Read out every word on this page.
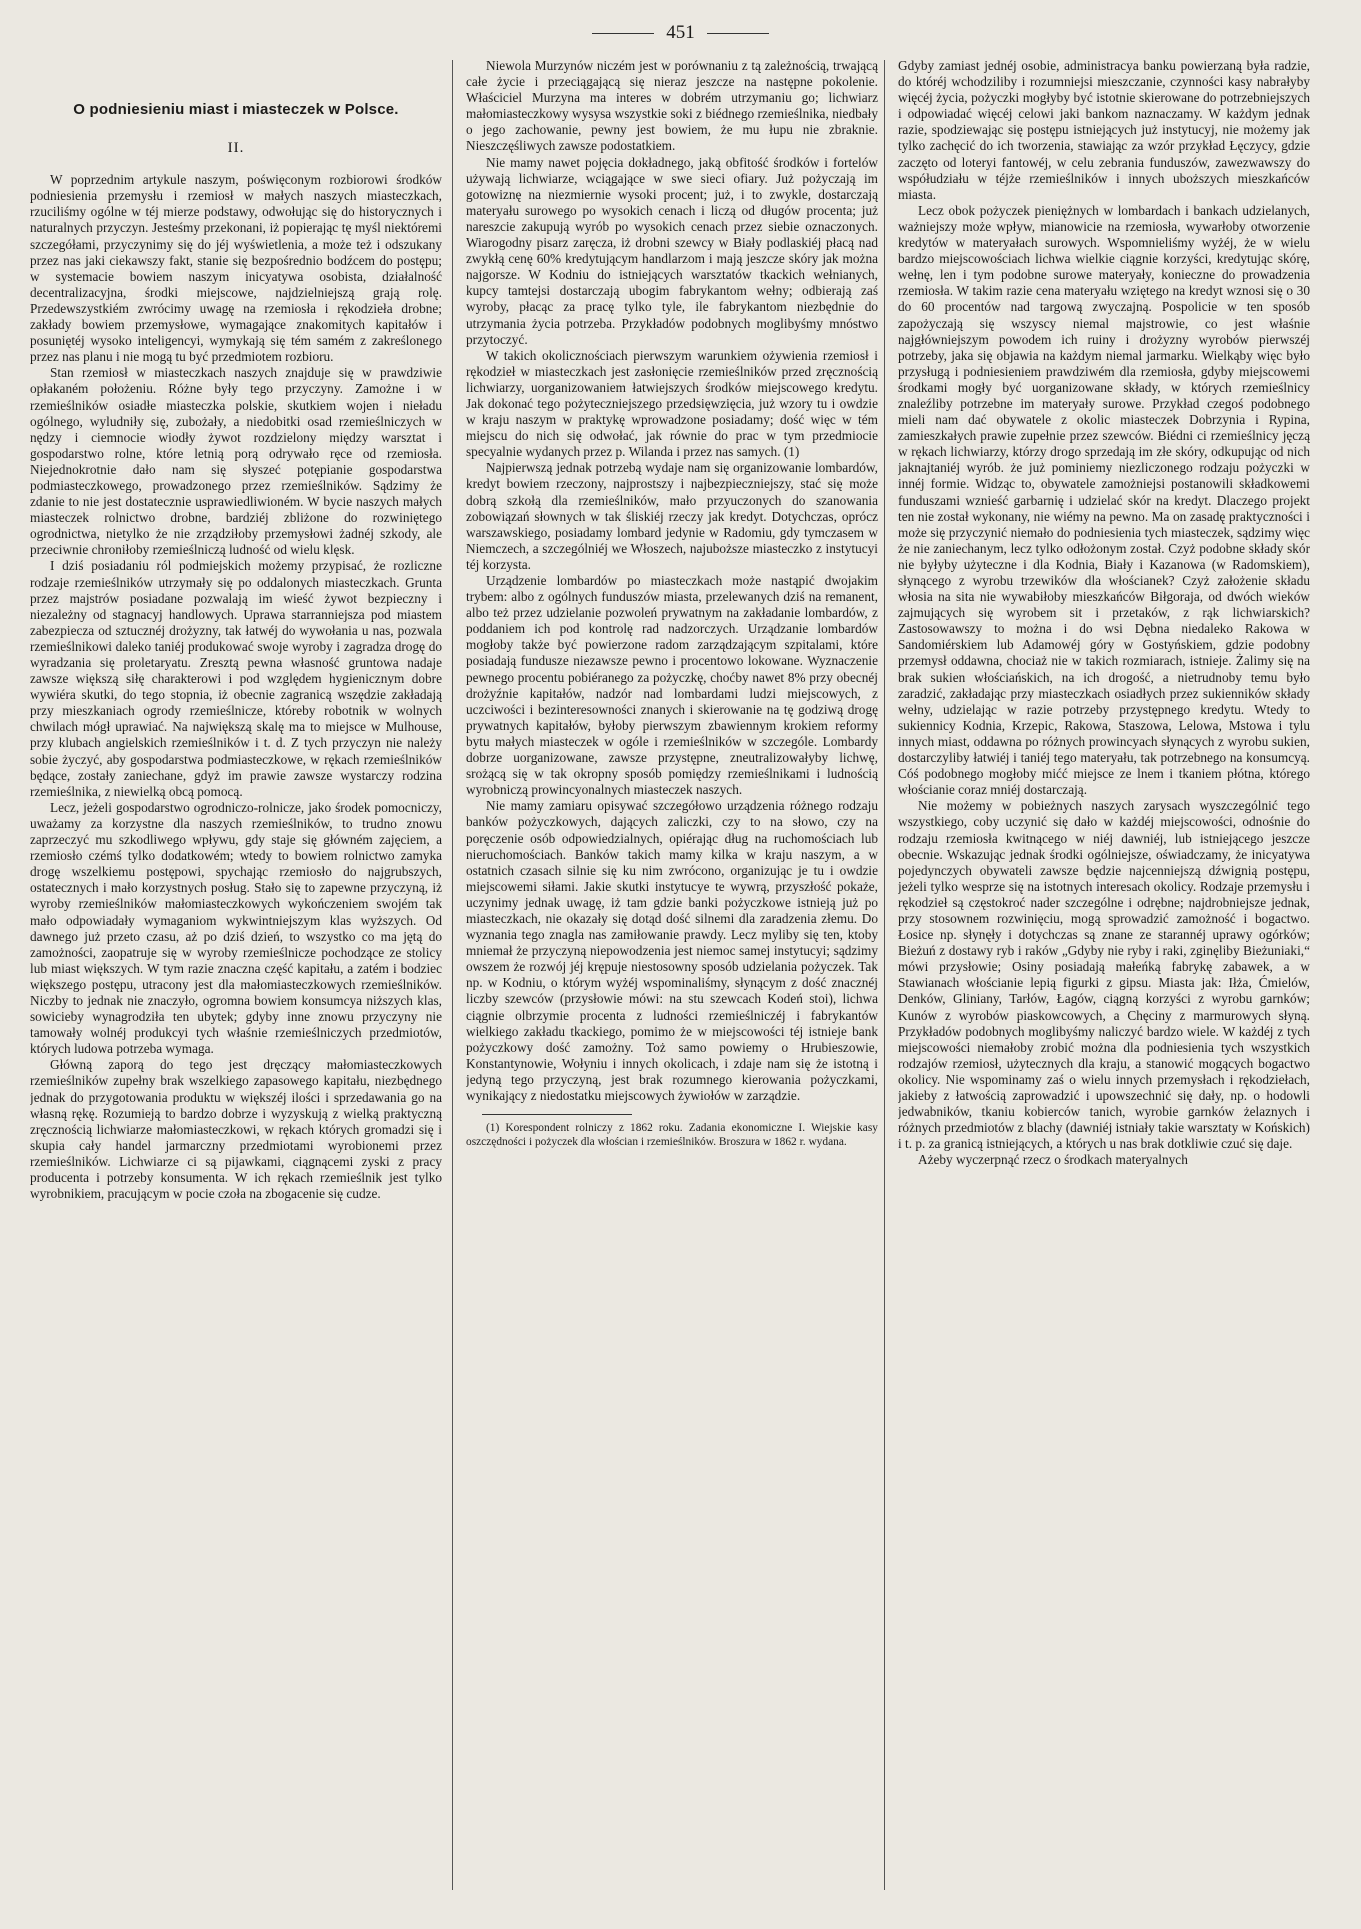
451
O podniesieniu miast i miasteczek w Polsce.
II.

W poprzednim artykule naszym, poświęconym rozbiorowi środków podniesienia przemysłu i rzemiosł w małych naszych miasteczkach, rzuciliśmy ogólne w téj mierze podstawy, odwołując się do historycznych i naturalnych przyczyn. Jesteśmy przekonani, iż popierając tę myśl niektóremi szczegółami, przyczynimy się do jéj wyświetlenia, a może też i odszukany przez nas jaki ciekawszy fakt, stanie się bezpośrednio bodźcem do postępu; w systemacie bowiem naszym inicyatywa osobista, działalność decentralizacyjna, środki miejscowe, najdzielniejszą grają rolę. Przedewszystkiém zwrócimy uwagę na rzemiosła i rękodzieła drobne; zakłady bowiem przemysłowe, wymagające znakomitych kapitałów i posuniętéj wysoko inteligencyi, wymykają się tém samém z zakreślonego przez nas planu i nie mogą tu być przedmiotem rozbioru.

Stan rzemiosł w miasteczkach naszych znajduje się w prawdziwie opłakaném położeniu. Różne były tego przyczyny. Zamożne i w rzemieślników osiadłe miasteczka polskie, skutkiem wojen i nieładu ogólnego, wyludniły się, zubożały, a niedobitki osad rzemieślniczych w nędzy i ciemnocie wiodły żywot rozdzielony między warsztat i gospodarstwo rolne, które letnią porą odrywało ręce od rzemiosła. Niejednokrotnie dało nam się słyszeć potępianie gospodarstwa podmiasteczkowego, prowadzonego przez rzemieślników. Sądzimy że zdanie to nie jest dostatecznie usprawiedliwioném. W bycie naszych małych miasteczek rolnictwo drobne, bardziéj zbliżone do rozwiniętego ogrodnictwa, nietylko że nie zrządziłoby przemysłowi żadnéj szkody, ale przeciwnie chroniłoby rzemieślniczą ludność od wielu klęsk.

I dziś posiadaniu ról podmiejskich możemy przypisać, że rozliczne rodzaje rzemieślników utrzymały się po oddalonych miasteczkach. Grunta przez majstrów posiadane pozwalają im wieść żywot bezpieczny i niezależny od stagnacyj handlowych. Uprawa starranniejsza pod miastem zabezpiecza od sztucznéj drożyzny, tak łatwéj do wywołania u nas, pozwala rzemieślnikowi daleko taniéj produkować swoje wyroby i zagradza drogę do wyradzania się proletaryatu. Zresztą pewna własność gruntowa nadaje zawsze większą siłę charakterowi i pod względem hygienicznym dobre wywiéra skutki, do tego stopnia, iż obecnie zagranicą wszędzie zakładają przy mieszkaniach ogrody rzemieślnicze, któreby robotnik w wolnych chwilach mógł uprawiać. Na największą skalę ma to miejsce w Mulhouse, przy klubach angielskich rzemieślników i t. d. Z tych przyczyn nie należy sobie życzyć, aby gospodarstwa podmiasteczkowe, w rękach rzemieślników będące, zostały zaniechane, gdyż im prawie zawsze wystarczy rodzina rzemieślnika, z niewielką obcą pomocą.

Lecz, jeżeli gospodarstwo ogrodniczo-rolnicze, jako środek pomocniczy, uważamy za korzystne dla naszych rzemieślników, to trudno znowu zaprzeczyć mu szkodliwego wpływu, gdy staje się główném zajęciem, a rzemiosło czémś tylko dodatkowém; wtedy to bowiem rolnictwo zamyka drogę wszelkiemu postępowi, spychając rzemiosło do najgrubszych, ostatecznych i mało korzystnych posług. Stało się to zapewne przyczyną, iż wyroby rzemieślników małomiasteczkowych wykończeniem swojém tak mało odpowiadały wymaganiom wykwintniejszym klas wyższych. Od dawnego już przeto czasu, aż po dziś dzień, to wszystko co ma jętą do zamożności, zaopatruje się w wyroby rzemieślnicze pochodzące ze stolicy lub miast większych. W tym razie znaczna część kapitału, a zatém i bodziec większego postępu, utracony jest dla małomiasteczkowych rzemieślników. Niczby to jednak nie znaczyło, ogromna bowiem konsumcya niższych klas, sowicieby wynagrodziła ten ubytek; gdyby inne znowu przyczyny nie tamowały wolnéj produkcyi tych właśnie rzemieślniczych przedmiotów, których ludowa potrzeba wymaga.

Główną zaporą do tego jest dręczący małomiasteczkowych rzemieślników zupełny brak wszelkiego zapasowego kapitału, niezbędnego jednak do przygotowania produktu w większéj ilości i sprzedawania go na własną rękę. Rozumieją to bardzo dobrze i wyzyskują z wielką praktyczną zręcznością lichwiarze małomiasteczkowi, w rękach których gromadzi się i skupia cały handel jarmarczny przedmiotami wyrobionemi przez rzemieślników. Lichwiarze ci są pijawkami, ciągnącemi zyski z pracy producenta i potrzeby konsumenta. W ich rękach rzemieślnik jest tylko wyrobnikiem, pracującym w pocie czoła na zbogacenie się cudze.

Niewola Murzynów niczém jest w porównaniu z tą zależnością, trwającą całe życie i przeciągającą się nieraz jeszcze na następne pokolenie. Właściciel Murzyna ma interes w dobrém utrzymaniu go; lichwiarz małomiasteczkowy wysysa wszystkie soki z biédnego rzemieślnika, niedbały o jego zachowanie, pewny jest bowiem, że mu łupu nie zbraknie. Nieszczęśliwych zawsze podostatkiem.

Nie mamy nawet pojęcia dokładnego, jaką obfitość środków i fortelów używają lichwiarze, wciągające w swe sieci ofiary. Już pożyczają im gotowiznę na niezmiernie wysoki procent; już, i to zwykle, dostarczają materyału surowego po wysokich cenach i liczą od długów procenta; już nareszcie zakupują wyrób po wysokich cenach przez siebie oznaczonych. Wiarogodny pisarz zaręcza, iż drobni szewcy w Biały podlaskiéj płacą nad zwykłą cenę 60% kredytującym handlarzom i mają jeszcze skóry jak można najgorsze. W Kodniu do istniejących warsztatów tkackich wełnianych, kupcy tamtejsi dostarczają ubogim fabrykantom wełny; odbierają zaś wyroby, płacąc za pracę tylko tyle, ile fabrykantom niezbędnie do utrzymania życia potrzeba. Przykładów podobnych moglibyśmy mnóstwo przytoczyć.

W takich okolicznościach pierwszym warunkiem ożywienia rzemiosł i rękodzieł w miasteczkach jest zasłonięcie rzemieślników przed zręcznością lichwiarzy, uorganizowaniem łatwiejszych środków miejscowego kredytu. Jak dokonać tego pożyteczniejszego przedsięwzięcia, już wzory tu i owdzie w kraju naszym w praktykę wprowadzone posiadamy; dość więc w tém miejscu do nich się odwołać, jak równie do prac w tym przedmiocie specyalnie wydanych przez p. Wilanda i przez nas samych. (1)

Najpierwszą jednak potrzebą wydaje nam się organizowanie lombardów, kredyt bowiem rzeczony, najprostszy i najbezpieczniejszy, stać się może dobrą szkołą dla rzemieślników, mało przyuczonych do szanowania zobowiązań słownych w tak śliskiéj rzeczy jak kredyt. Dotychczas, oprócz warszawskiego, posiadamy lombard jedynie w Radomiu, gdy tymczasem w Niemczech, a szczególniéj we Włoszech, najuboższe miasteczko z instytucyi téj korzysta.

Urządzenie lombardów po miasteczkach może nastąpić dwojakim trybem: albo z ogólnych funduszów miasta, przelewanych dziś na remanent, albo też przez udzielanie pozwoleń prywatnym na zakładanie lombardów, z poddaniem ich pod kontrolę rad nadzorczych. Urządzanie lombardów mogłoby także być powierzone radom zarządzającym szpitalami, które posiadają fundusze niezawsze pewno i procentowo lokowane. Wyznaczenie pewnego procentu pobiéranego za pożyczkę, choćby nawet 8% przy obecnéj drożyźnie kapitałów, nadzór nad lombardami ludzi miejscowych, z uczciwości i bezinteresowności znanych i skierowanie na tę godziwą drogę prywatnych kapitałów, byłoby pierwszym zbawiennym krokiem reformy bytu małych miasteczek w ogóle i rzemieślników w szczególe. Lombardy dobrze uorganizowane, zawsze przystępne, zneutralizowałyby lichwę, srożącą się w tak okropny sposób pomiędzy rzemieślnikami i ludnością wyrobniczą prowincyonalnych miasteczek naszych.

Nie mamy zamiaru opisywać szczegółowo urządzenia różnego rodzaju banków pożyczkowych, dających zaliczki, czy to na słowo, czy na poręczenie osób odpowiedzialnych, opiérając dług na ruchomościach lub nieruchomościach. Banków takich mamy kilka w kraju naszym, a w ostatnich czasach silnie się ku nim zwrócono, organizując je tu i owdzie miejscowemi siłami. Jakie skutki instytucye te wywrą, przyszłość pokaże, uczynimy jednak uwagę, iż tam gdzie banki pożyczkowe istnieją już po miasteczkach, nie okazały się dotąd dość silnemi dla zaradzenia złemu. Do wyznania tego znagla nas zamiłowanie prawdy. Lecz myliby się ten, ktoby mniemał że przyczyną niepowodzenia jest niemoc samej instytucyi; sądzimy owszem że rozwój jéj krępuje niestosowny sposób udzielania pożyczek. Tak np. w Kodniu, o którym wyżéj wspominaliśmy, słynącym z dość znacznéj liczby szewców (przysłowie mówi: na stu szewcach Kodeń stoi), lichwa ciągnie olbrzymie procenta z ludności rzemieślniczéj i fabrykantów wielkiego zakładu tkackiego, pomimo że w miejscowości téj istnieje bank pożyczkowy dość zamożny. Toż samo powiemy o Hrubieszowie, Konstantynowie, Wołyniu i innych okolicach, i zdaje nam się że istotną i jedyną tego przyczyną, jest brak rozumnego kierowania pożyczkami, wynikający z niedostatku miejscowych żywiołów w zarządzie.

(1) Korespondent rolniczy z 1862 roku. Zadania ekonomiczne I. Wiejskie kasy oszczędności i pożyczek dla włościan i rzemieślników. Broszura w 1862 r. wydana.

Gdyby zamiast jednéj osobie, administracya banku powierzaną była radzie, do któréj wchodziliby i rozumniejsi mieszczanie, czynności kasy nabrałyby więcéj życia, pożyczki mogłyby być istotnie skierowane do potrzebniejszych i odpowiadać więcéj celowi jaki bankom naznaczamy. W każdym jednak razie, spodziewając się postępu istniejących już instytucyj, nie możemy jak tylko zachęcić do ich tworzenia, stawiając za wzór przykład Łęczycy, gdzie zaczęto od loteryi fantowéj, w celu zebrania funduszów, zawezwawszy do współudziału w téjże rzemieślników i innych uboższych mieszkańców miasta.

Lecz obok pożyczek pieniężnych w lombardach i bankach udzielanych, ważniejszy może wpływ, mianowicie na rzemiosła, wywarłoby otworzenie kredytów w materyałach surowych. Wspomnieliśmy wyżéj, że w wielu bardzo miejscowościach lichwa wielkie ciągnie korzyści, kredytując skórę, wełnę, len i tym podobne surowe materyały, konieczne do prowadzenia rzemiosła. W takim razie cena materyału wziętego na kredyt wznosi się o 30 do 60 procentów nad targową zwyczajną. Pospolicie w ten sposób zapożyczają się wszyscy niemal majstrowie, co jest właśnie najgłówniejszym powodem ich ruiny i drożyzny wyrobów pierwszéj potrzeby, jaka się objawia na każdym niemal jarmarku. Wielkąby więc było przysługą i podniesieniem prawdziwém dla rzemiosła, gdyby miejscowemi środkami mogły być uorganizowane składy, w których rzemieślnicy znaleźliby potrzebne im materyały surowe. Przykład czegoś podobnego mieli nam dać obywatele z okolic miasteczek Dobrzynia i Rypina, zamieszkałych prawie zupełnie przez szewców. Biédni ci rzemieślnicy jęczą w rękach lichwiarzy, którzy drogo sprzedają im złe skóry, odkupując od nich jaknajtaniéj wyrób. że już pominiemy niezliczonego rodzaju pożyczki w innéj formie. Widząc to, obywatele zamożniejsi postanowili składkowemi funduszami wznieść garbarnię i udzielać skór na kredyt. Dlaczego projekt ten nie został wykonany, nie wiémy na pewno. Ma on zasadę praktyczności i może się przyczynić niemało do podniesienia tych miasteczek, sądzimy więc że nie zaniechanym, lecz tylko odłożonym został. Czyż podobne składy skór nie byłyby użyteczne i dla Kodnia, Biały i Kazanowa (w Radomskiem), słynącego z wyrobu trzewików dla włościanek? Czyż założenie składu włosia na sita nie wywabiłoby mieszkańców Biłgoraja, od dwóch wieków zajmujących się wyrobem sit i przetaków, z rąk lichwiarskich? Zastosowawszy to można i do wsi Dębna niedaleko Rakowa w Sandomiérskiem lub Adamowéj góry w Gostyńskiem, gdzie podobny przemysł oddawna, chociaż nie w takich rozmiarach, istnieje. Żalimy się na brak sukien włościańskich, na ich drogość, a nietrudnoby temu było zaradzić, zakładając przy miasteczkach osiadłych przez sukienników składy wełny, udzielając w razie potrzeby przystępnego kredytu. Wtedy to sukiennicy Kodnia, Krzepic, Rakowa, Staszowa, Lelowa, Mstowa i tylu innych miast, oddawna po różnych prowincyach słynących z wyrobu sukien, dostarczyliby łatwiéj i taniéj tego materyału, tak potrzebnego na konsumcyą. Cóś podobnego mogłoby mićć miejsce ze lnem i tkaniem płótna, którego włościanie coraz mniéj dostarczają.

Nie możemy w pobieżnych naszych zarysach wyszczególnić tego wszystkiego, coby uczynić się dało w każdéj miejscowości, odnośnie do rodzaju rzemiosła kwitnącego w niéj dawniéj, lub istniejącego jeszcze obecnie. Wskazując jednak środki ogólniejsze, oświadczamy, że inicyatywa pojedynczych obywateli zawsze będzie najcenniejszą dźwignią postępu, jeżeli tylko wesprze się na istotnych interesach okolicy. Rodzaje przemysłu i rękodzieł są częstokroć nader szczególne i odrębne; najdrobniejsze jednak, przy stosownem rozwinięciu, mogą sprowadzić zamożność i bogactwo. Łosice np. słynęły i dotychczas są znane ze starannéj uprawy ogórków; Bieżuń z dostawy ryb i raków „Gdyby nie ryby i raki, zginęliby Bieżuniaki,“ mówi przysłowie; Osiny posiadają małeńką fabrykę zabawek, a w Stawianach włościanie lepią figurki z gipsu. Miasta jak: Iłża, Ćmielów, Denków, Gliniany, Tarłów, Łagów, ciągną korzyści z wyrobu garnków; Kunów z wyrobów piaskowcowych, a Chęciny z marmurowych słyną. Przykładów podobnych moglibyśmy naliczyć bardzo wiele. W każdéj z tych miejscowości niemałoby zrobić można dla podniesienia tych wszystkich rodzajów rzemiosł, użytecznych dla kraju, a stanowić mogących bogactwo okolicy. Nie wspominamy zaś o wielu innych przemysłach i rękodziełach, jakieby z łatwością zaprowadzić i upowszechnić się dały, np. o hodowli jedwabników, tkaniu kobierców tanich, wyrobie garnków żelaznych i różnych przedmiotów z blachy (dawniéj istniały takie warsztaty w Końskich) i t. p. za granicą istniejących, a których u nas brak dotkliwie czuć się daje.

Ażeby wyczerpnąć rzecz o środkach materyalnych
